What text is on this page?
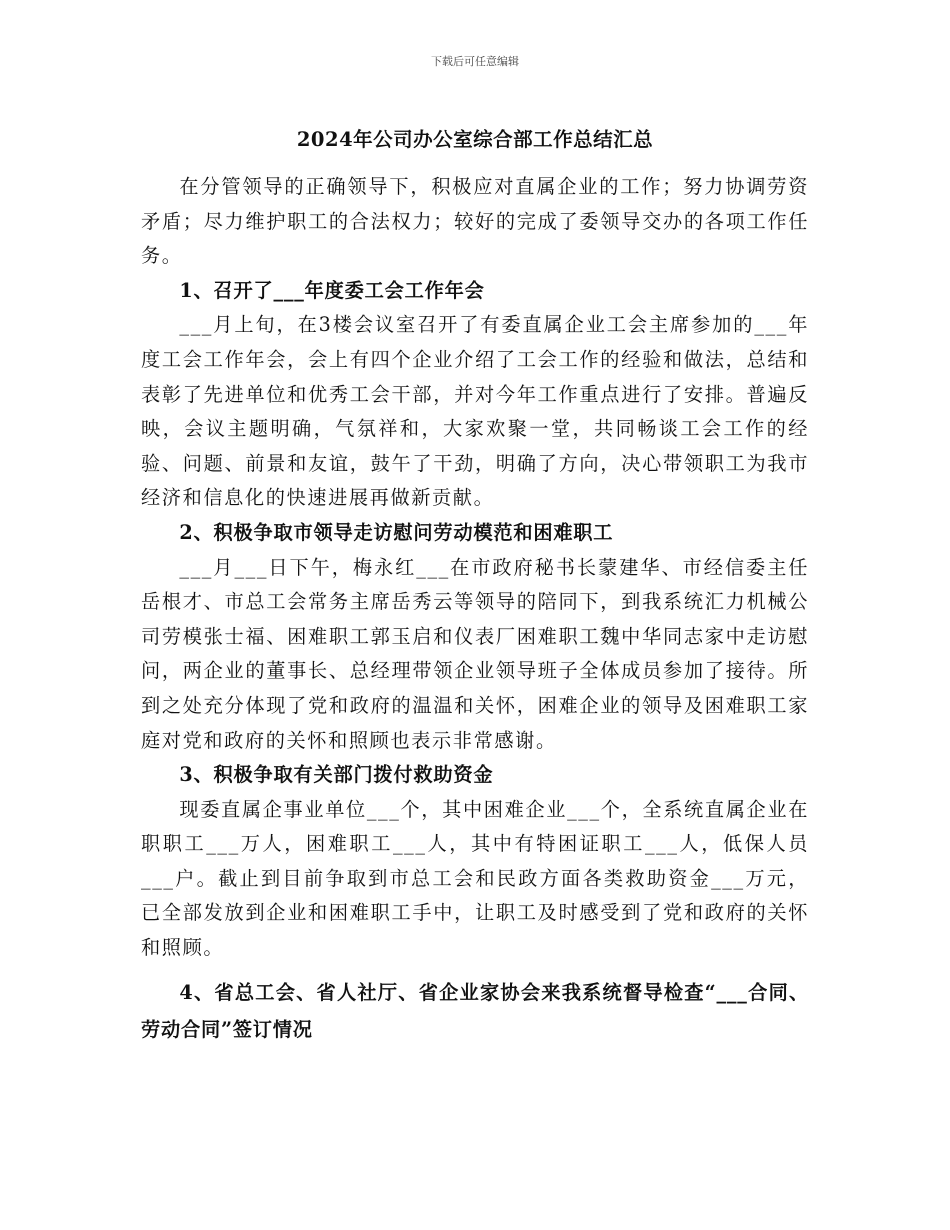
下载后可任意编辑
2024年公司办公室综合部工作总结汇总

在分管领导的正确领导下，积极应对直属企业的工作；努力协调劳资矛盾；尽力维护职工的合法权力；较好的完成了委领导交办的各项工作任务。

1、召开了___年度委工会工作年会

___月上旬，在3楼会议室召开了有委直属企业工会主席参加的___年度工会工作年会，会上有四个企业介绍了工会工作的经验和做法，总结和表彰了先进单位和优秀工会干部，并对今年工作重点进行了安排。普遍反映，会议主题明确，气氛祥和，大家欢聚一堂，共同畅谈工会工作的经验、问题、前景和友谊，鼓午了干劲，明确了方向，决心带领职工为我市经济和信息化的快速进展再做新贡献。

2、积极争取市领导走访慰问劳动模范和困难职工

___月___日下午，梅永红___在市政府秘书长蒙建华、市经信委主任岳根才、市总工会常务主席岳秀云等领导的陪同下，到我系统汇力机械公司劳模张士福、困难职工郭玉启和仪表厂困难职工魏中华同志家中走访慰问，两企业的董事长、总经理带领企业领导班子全体成员参加了接待。所到之处充分体现了党和政府的温温和关怀，困难企业的领导及困难职工家庭对党和政府的关怀和照顾也表示非常感谢。

3、积极争取有关部门拨付救助资金

现委直属企事业单位___个，其中困难企业___个，全系统直属企业在职职工___万人，困难职工___人，其中有特困证职工___人，低保人员___户。截止到目前争取到市总工会和民政方面各类救助资金___万元，已全部发放到企业和困难职工手中，让职工及时感受到了党和政府的关怀和照顾。

4、省总工会、省人社厅、省企业家协会来我系统督导检查“___合同、劳动合同”签订情况
